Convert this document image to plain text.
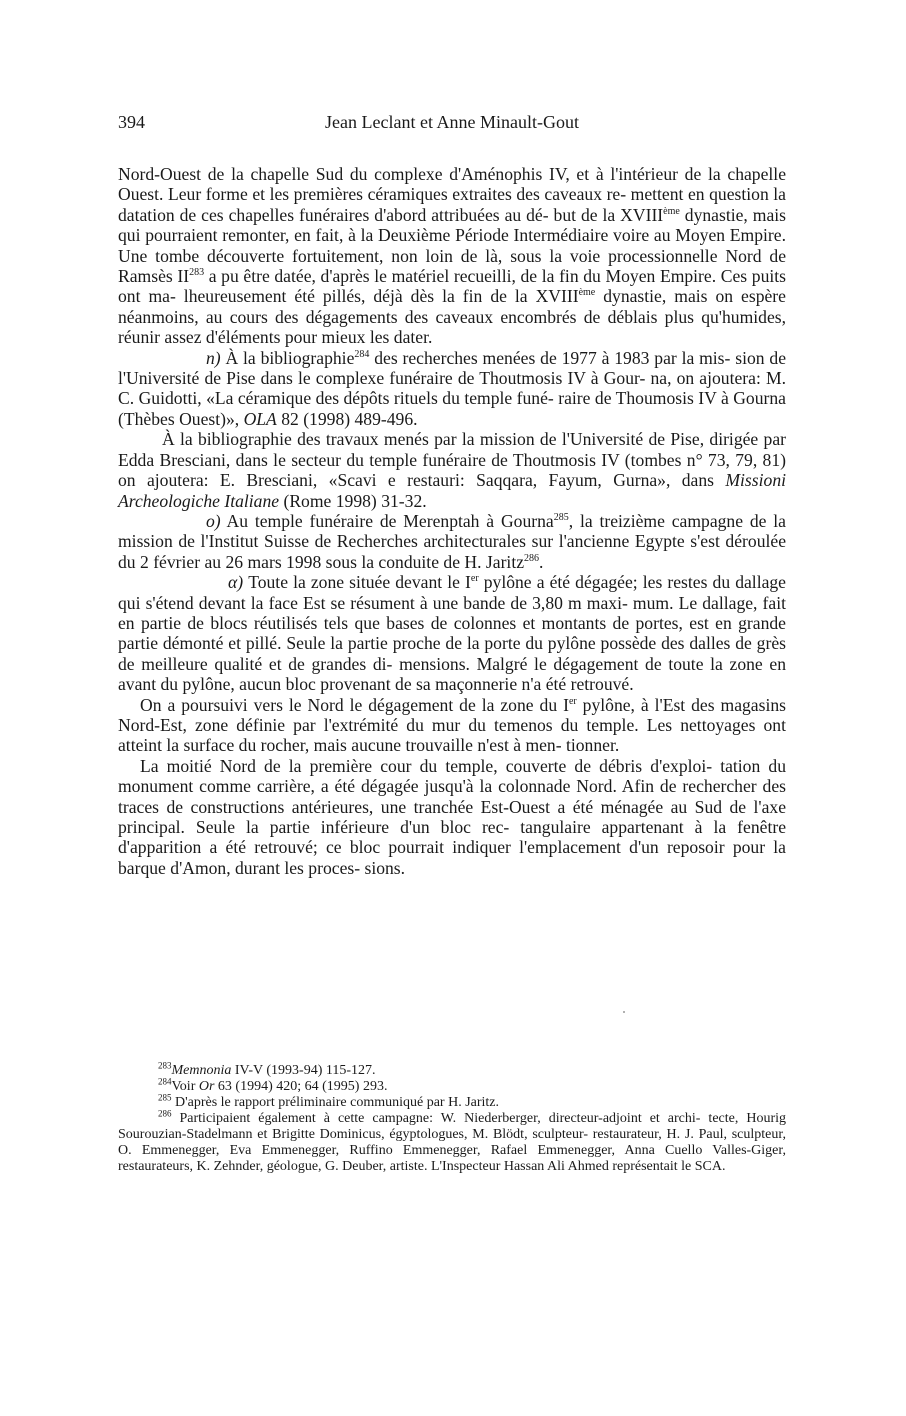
394	Jean Leclant et Anne Minault-Gout

Nord-Ouest de la chapelle Sud du complexe d'Aménophis IV, et à l'intérieur de la chapelle Ouest. Leur forme et les premières céramiques extraites des caveaux re- mettent en question la datation de ces chapelles funéraires d'abord attribuées au dé- but de la XVIIIème dynastie, mais qui pourraient remonter, en fait, à la Deuxième Période Intermédiaire voire au Moyen Empire. Une tombe découverte fortuitement, non loin de là, sous la voie processionnelle Nord de Ramsès II$^{283}$ a pu être datée, d'après le matériel recueilli, de la fin du Moyen Empire. Ces puits ont ma- lheureusement été pillés, déjà dès la fin de la XVIIIème dynastie, mais on espère néanmoins, au cours des dégagements des caveaux encombrés de déblais plus qu'humides, réunir assez d'éléments pour mieux les dater.

n) À la bibliographie$^{284}$ des recherches menées de 1977 à 1983 par la mis- sion de l'Université de Pise dans le complexe funéraire de Thoutmosis IV à Gour- na, on ajoutera: M. C. Guidotti, «La céramique des dépôts rituels du temple funé- raire de Thoumosis IV à Gourna (Thèbes Ouest)», OLA 82 (1998) 489-496.

À la bibliographie des travaux menés par la mission de l'Université de Pise, dirigée par Edda Bresciani, dans le secteur du temple funéraire de Thoutmosis IV (tombes n° 73, 79, 81) on ajoutera: E. Bresciani, «Scavi e restauri: Saqqara, Fayum, Gurna», dans Missioni Archeologiche Italiane (Rome 1998) 31-32.

o) Au temple funéraire de Merenptah à Gourna$^{285}$, la treizième campagne de la mission de l'Institut Suisse de Recherches architecturales sur l'ancienne Egypte s'est déroulée du 2 février au 26 mars 1998 sous la conduite de H. Jaritz$^{286}$.

α) Toute la zone située devant le Ier pylône a été dégagée; les restes du dallage qui s'étend devant la face Est se résument à une bande de 3,80 m maxi- mum. Le dallage, fait en partie de blocs réutilisés tels que bases de colonnes et montants de portes, est en grande partie démonté et pillé. Seule la partie proche de la porte du pylône possède des dalles de grès de meilleure qualité et de grandes di- mensions. Malgré le dégagement de toute la zone en avant du pylône, aucun bloc provenant de sa maçonnerie n'a été retrouvé.

On a poursuivi vers le Nord le dégagement de la zone du Ier pylône, à l'Est des magasins Nord-Est, zone définie par l'extrémité du mur du temenos du temple. Les nettoyages ont atteint la surface du rocher, mais aucune trouvaille n'est à men- tionner.

La moitié Nord de la première cour du temple, couverte de débris d'exploi- tation du monument comme carrière, a été dégagée jusqu'à la colonnade Nord. Afin de rechercher des traces de constructions antérieures, une tranchée Est-Ouest a été ménagée au Sud de l'axe principal. Seule la partie inférieure d'un bloc rec- tangulaire appartenant à la fenêtre d'apparition a été retrouvé; ce bloc pourrait indiquer l'emplacement d'un reposoir pour la barque d'Amon, durant les proces- sions.

$^{283}$Memnonia IV-V (1993-94) 115-127.

$^{284}$Voir Or 63 (1994) 420; 64 (1995) 293.

$^{285}$ D'après le rapport préliminaire communiqué par H. Jaritz.

$^{286}$ Participaient également à cette campagne: W. Niederberger, directeur-adjoint et archi- tecte, Hourig Sourouzian-Stadelmann et Brigitte Dominicus, égyptologues, M. Blödt, sculpteur- restaurateur, H. J. Paul, sculpteur, O. Emmenegger, Eva Emmenegger, Ruffino Emmenegger, Rafael Emmenegger, Anna Cuello Valles-Giger, restaurateurs, K. Zehnder, géologue, G. Deuber, artiste. L'Inspecteur Hassan Ali Ahmed représentait le SCA.
